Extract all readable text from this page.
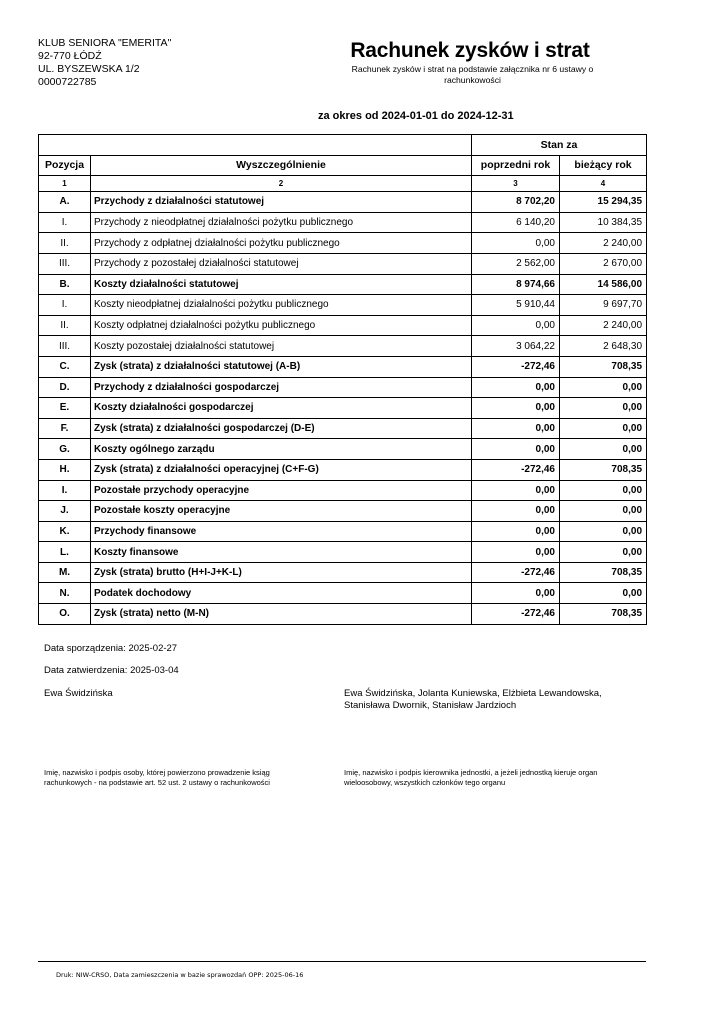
KLUB SENIORA "EMERITA"
92-770 ŁÓDŹ
UL. BYSZEWSKA 1/2
0000722785
Rachunek zysków i strat
Rachunek zysków i strat na podstawie załącznika nr 6 ustawy o rachunkowości
za okres od 2024-01-01 do 2024-12-31
		Stan za	
Pozycja	Wyszczególnienie	poprzedni rok	bieżący rok
1	2	3	4
A.	Przychody z działalności statutowej	8 702,20	15 294,35
I.	Przychody z nieodpłatnej działalności pożytku publicznego	6 140,20	10 384,35
II.	Przychody z odpłatnej działalności pożytku publicznego	0,00	2 240,00
III.	Przychody z pozostałej działalności statutowej	2 562,00	2 670,00
B.	Koszty działalności statutowej	8 974,66	14 586,00
I.	Koszty nieodpłatnej działalności pożytku publicznego	5 910,44	9 697,70
II.	Koszty odpłatnej działalności pożytku publicznego	0,00	2 240,00
III.	Koszty pozostałej działalności statutowej	3 064,22	2 648,30
C.	Zysk (strata) z działalności statutowej (A-B)	-272,46	708,35
D.	Przychody z działalności gospodarczej	0,00	0,00
E.	Koszty działalności gospodarczej	0,00	0,00
F.	Zysk (strata) z działalności gospodarczej (D-E)	0,00	0,00
G.	Koszty ogólnego zarządu	0,00	0,00
H.	Zysk (strata) z działalności operacyjnej (C+F-G)	-272,46	708,35
I.	Pozostałe przychody operacyjne	0,00	0,00
J.	Pozostałe koszty operacyjne	0,00	0,00
K.	Przychody finansowe	0,00	0,00
L.	Koszty finansowe	0,00	0,00
M.	Zysk (strata) brutto (H+I-J+K-L)	-272,46	708,35
N.	Podatek dochodowy	0,00	0,00
O.	Zysk (strata) netto (M-N)	-272,46	708,35
Data sporządzenia: 2025-02-27
Data zatwierdzenia: 2025-03-04
Ewa Świdzińska	Ewa Świdzińska, Jolanta Kuniewska, Elżbieta Lewandowska, Stanisława Dwornik, Stanisław Jardzioch
Imię, nazwisko i podpis osoby, której powierzono prowadzenie ksiąg rachunkowych - na podstawie art. 52 ust. 2 ustawy o rachunkowości
Imię, nazwisko i podpis kierownika jednostki, a jeżeli jednostką kieruje organ wieloosobowy, wszystkich członków tego organu
Druk: NIW-CRSO, Data zamieszczenia w bazie sprawozdań OPP: 2025-06-16
